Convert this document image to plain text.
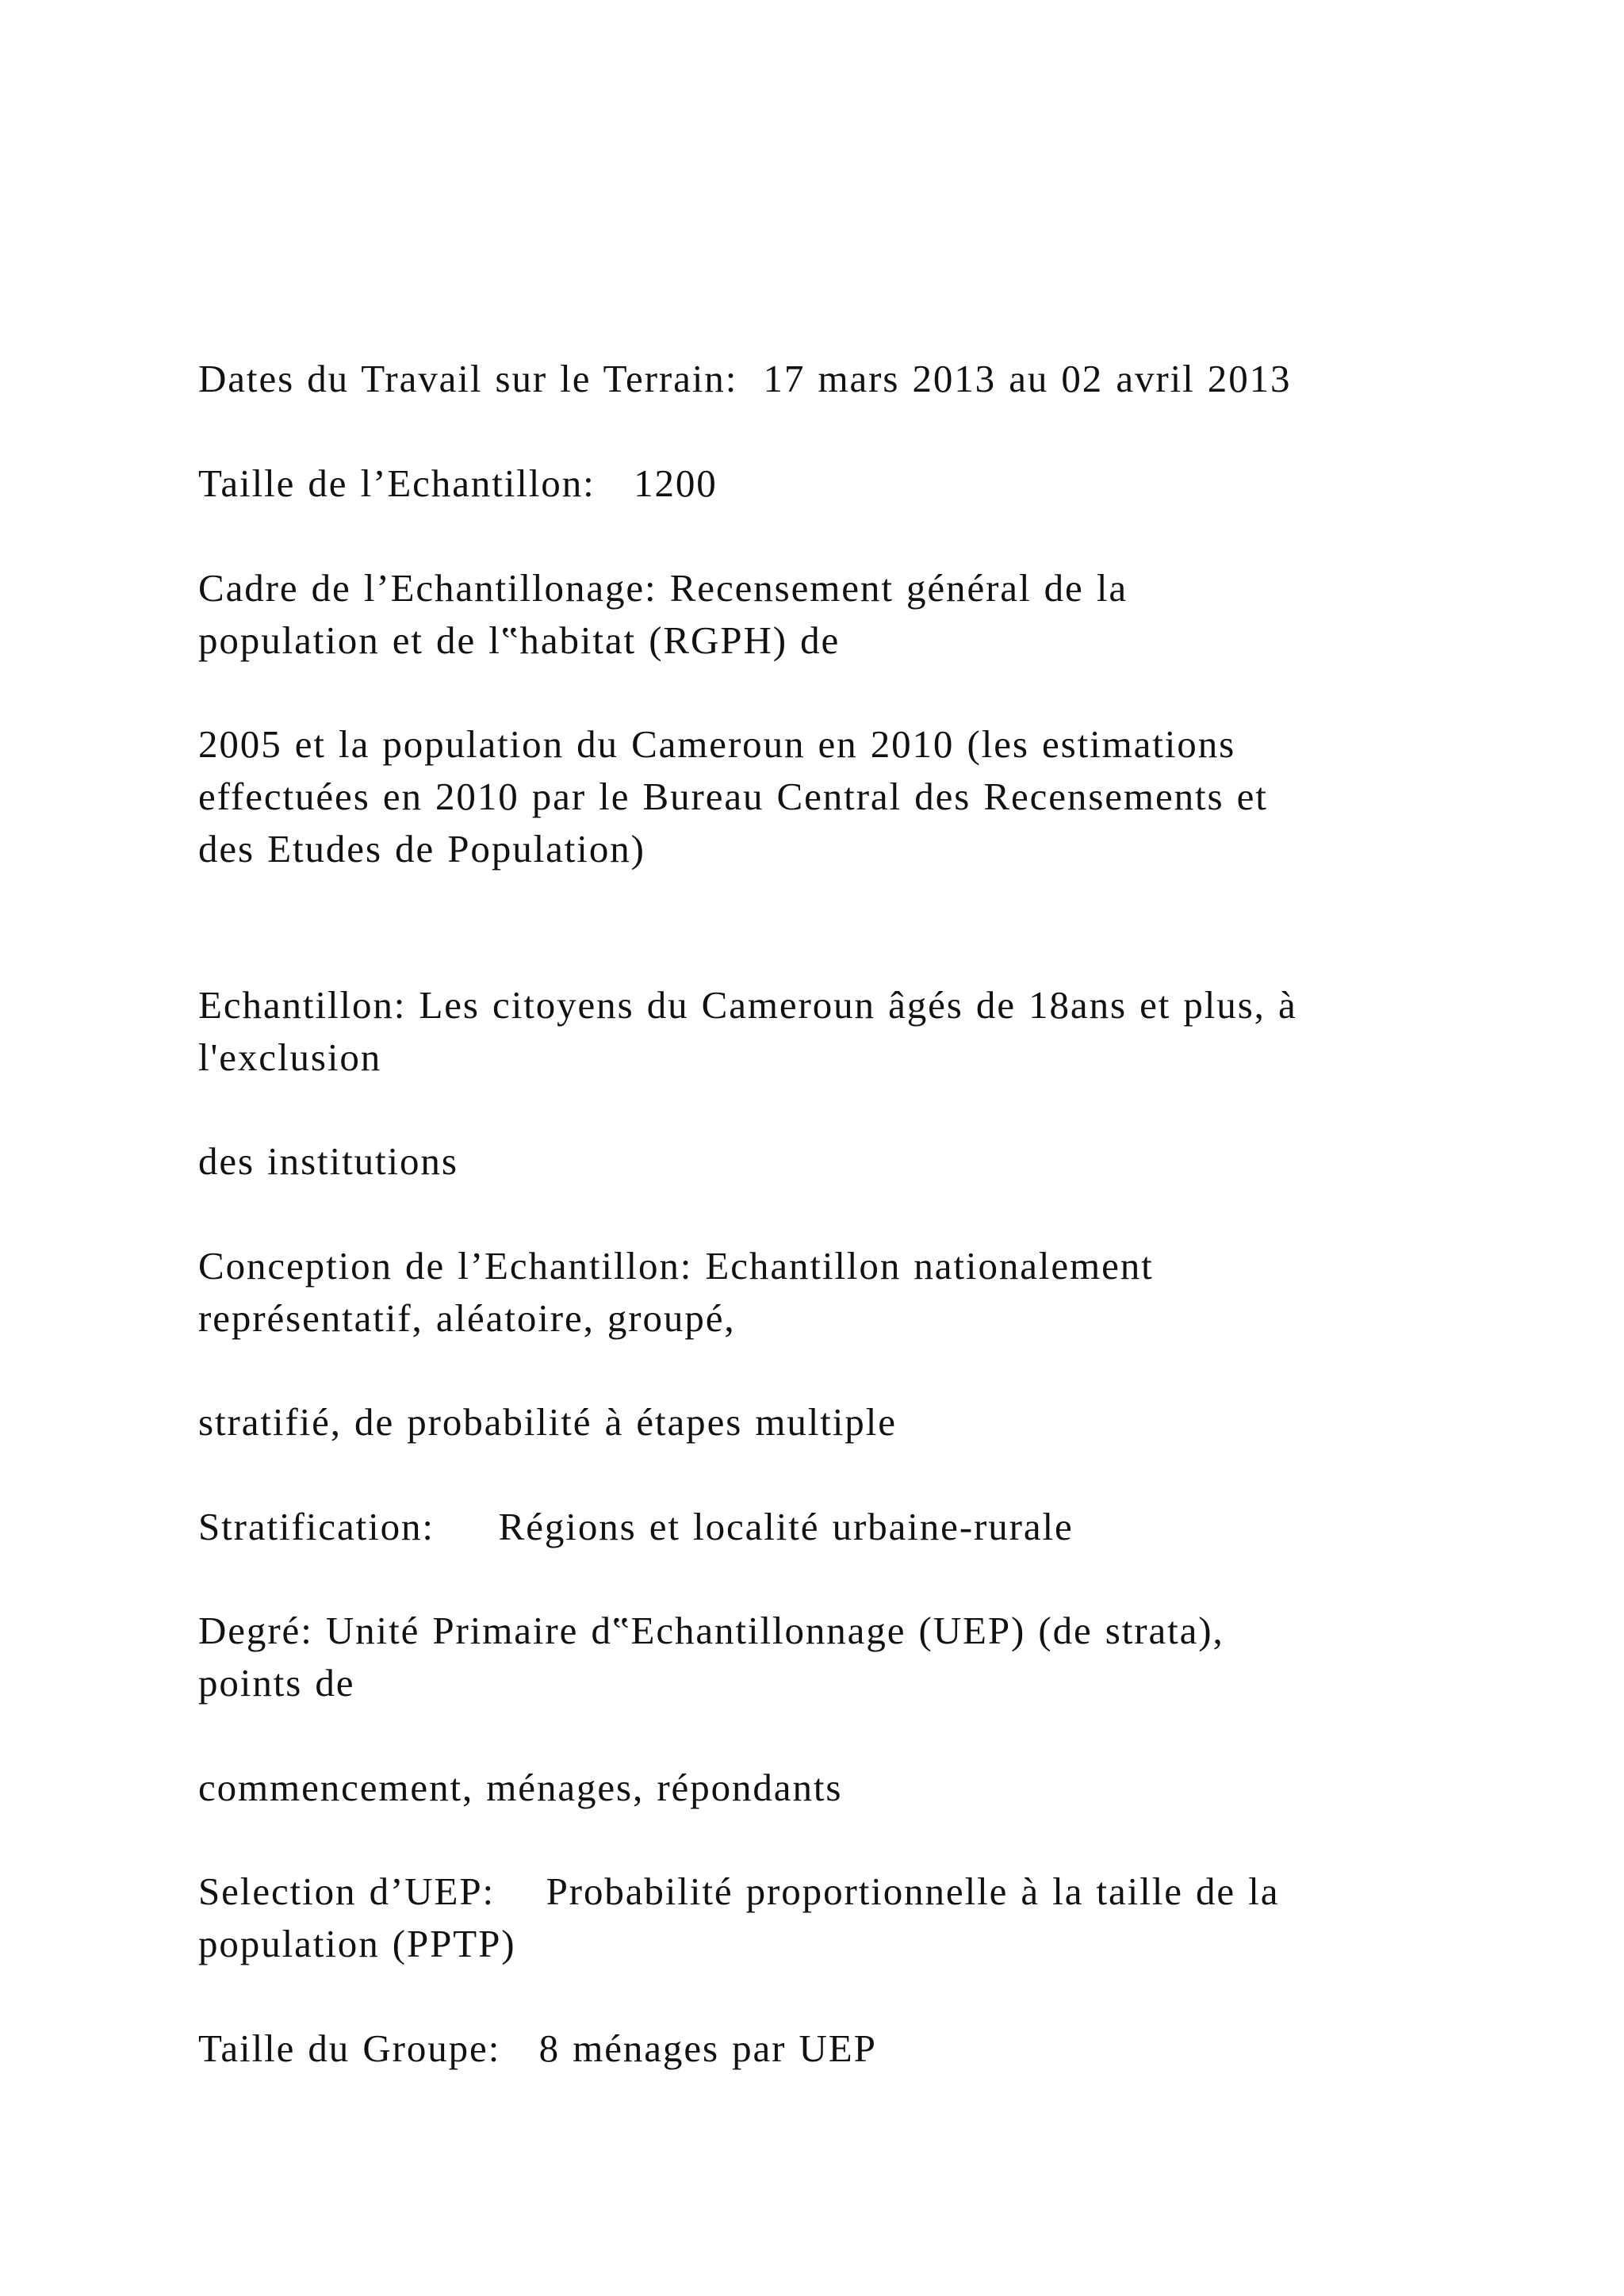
Dates du Travail sur le Terrain:  17 mars 2013 au 02 avril 2013

Taille de l’Echantillon:   1200

Cadre de l’Echantillonage: Recensement général de la

population et de l‟habitat (RGPH) de

2005 et la population du Cameroun en 2010 (les estimations

effectuées en 2010 par le Bureau Central des Recensements et

des Etudes de Population)

Echantillon: Les citoyens du Cameroun âgés de 18ans et plus, à

l'exclusion

des institutions

Conception de l’Echantillon: Echantillon nationalement

représentatif, aléatoire, groupé,

stratifié, de probabilité à étapes multiple

Stratification:     Régions et localité urbaine-rurale

Degré: Unité Primaire d‟Echantillonnage (UEP) (de strata),

points de

commencement, ménages, répondants

Selection d’UEP:    Probabilité proportionnelle à la taille de la

population (PPTP)

Taille du Groupe:   8 ménages par UEP
